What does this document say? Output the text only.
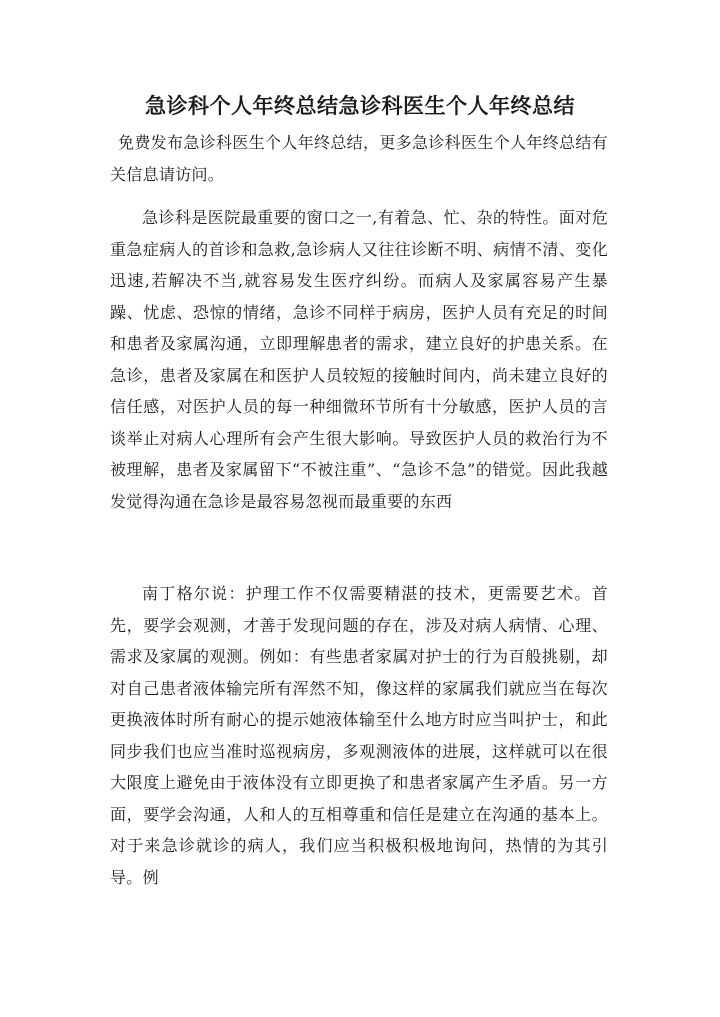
急诊科个人年终总结急诊科医生个人年终总结

免费发布急诊科医生个人年终总结，更多急诊科医生个人年终总结有关信息请访问。

急诊科是医院最重要的窗口之一,有着急、忙、杂的特性。面对危重急症病人的首诊和急救,急诊病人又往往诊断不明、病情不清、变化迅速,若解决不当,就容易发生医疗纠纷。而病人及家属容易产生暴躁、忧虑、恐惊的情绪，急诊不同样于病房，医护人员有充足的时间和患者及家属沟通，立即理解患者的需求，建立良好的护患关系。在急诊，患者及家属在和医护人员较短的接触时间内，尚未建立良好的信任感，对医护人员的每一种细微环节所有十分敏感，医护人员的言谈举止对病人心理所有会产生很大影响。导致医护人员的救治行为不被理解，患者及家属留下“不被注重”、“急诊不急”的错觉。因此我越发觉得沟通在急诊是最容易忽视而最重要的东西

南丁格尔说：护理工作不仅需要精湛的技术，更需要艺术。首先，要学会观测，才善于发现问题的存在，涉及对病人病情、心理、需求及家属的观测。例如：有些患者家属对护士的行为百般挑剔，却对自己患者液体输完所有浑然不知，像这样的家属我们就应当在每次更换液体时所有耐心的提示她液体输至什么地方时应当叫护士，和此同步我们也应当准时巡视病房，多观测液体的进展，这样就可以在很大限度上避免由于液体没有立即更换了和患者家属产生矛盾。另一方面，要学会沟通，人和人的互相尊重和信任是建立在沟通的基本上。对于来急诊就诊的病人，我们应当积极积极地询问，热情的为其引导。例
